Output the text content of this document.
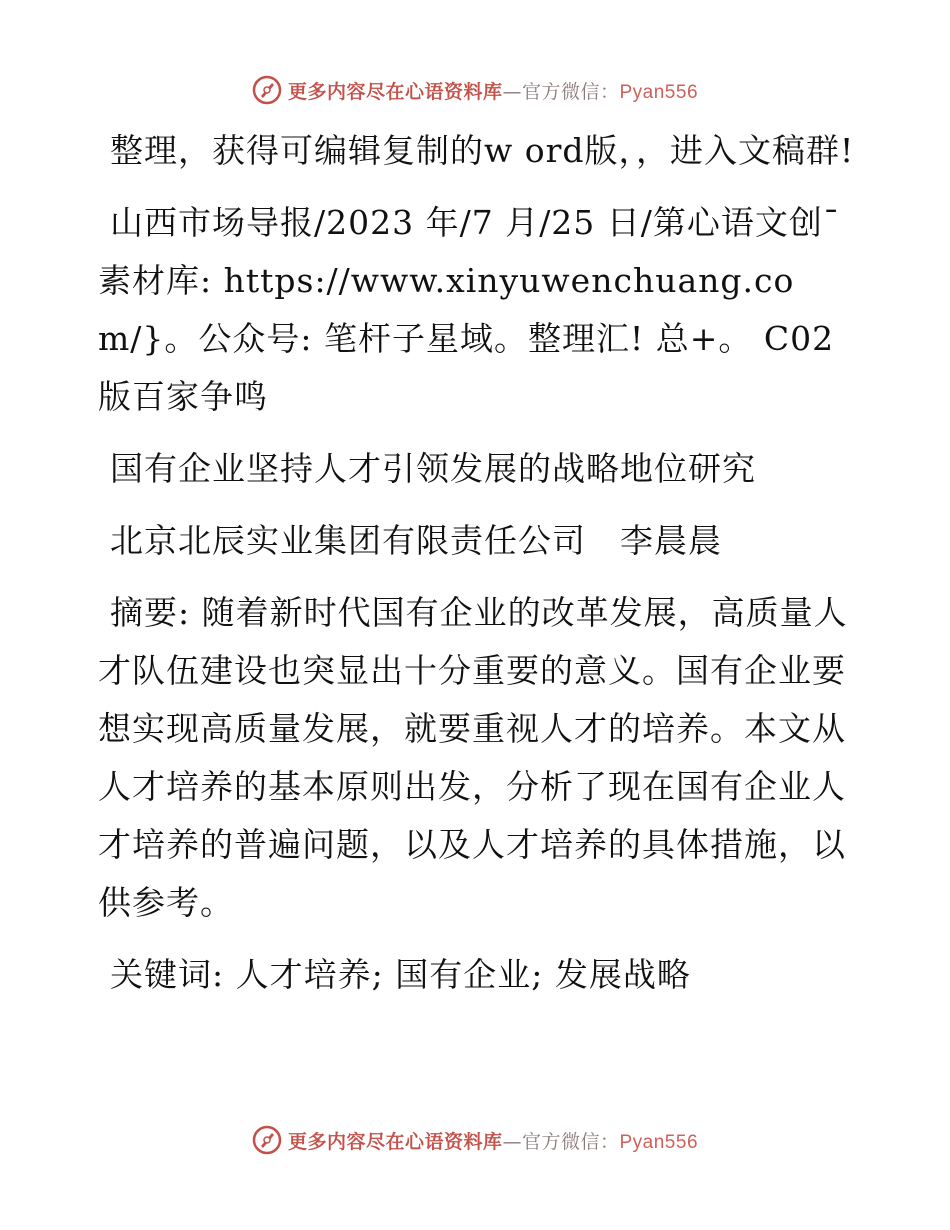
更多内容尽在心语资料库—官方微信：Pyan556

整理，获得可编辑复制的w ord版，，进入文稿群!

山西市场导报/2023 年/7 月/25 日/第心语文创¯素材库: https://www.xinyuwenchuang.com/}。公众号: 笔杆子星域。整理汇! 总+。 C02 版百家争鸣

国有企业坚持人才引领发展的战略地位研究

北京北辰实业集团有限责任公司　李晨晨

摘要: 随着新时代国有企业的改革发展，高质量人才队伍建设也突显出十分重要的意义。国有企业要想实现高质量发展，就要重视人才的培养。本文从人才培养的基本原则出发，分析了现在国有企业人才培养的普遍问题，以及人才培养的具体措施，以供参考。

关键词: 人才培养; 国有企业; 发展战略

更多内容尽在心语资料库—官方微信：Pyan556
